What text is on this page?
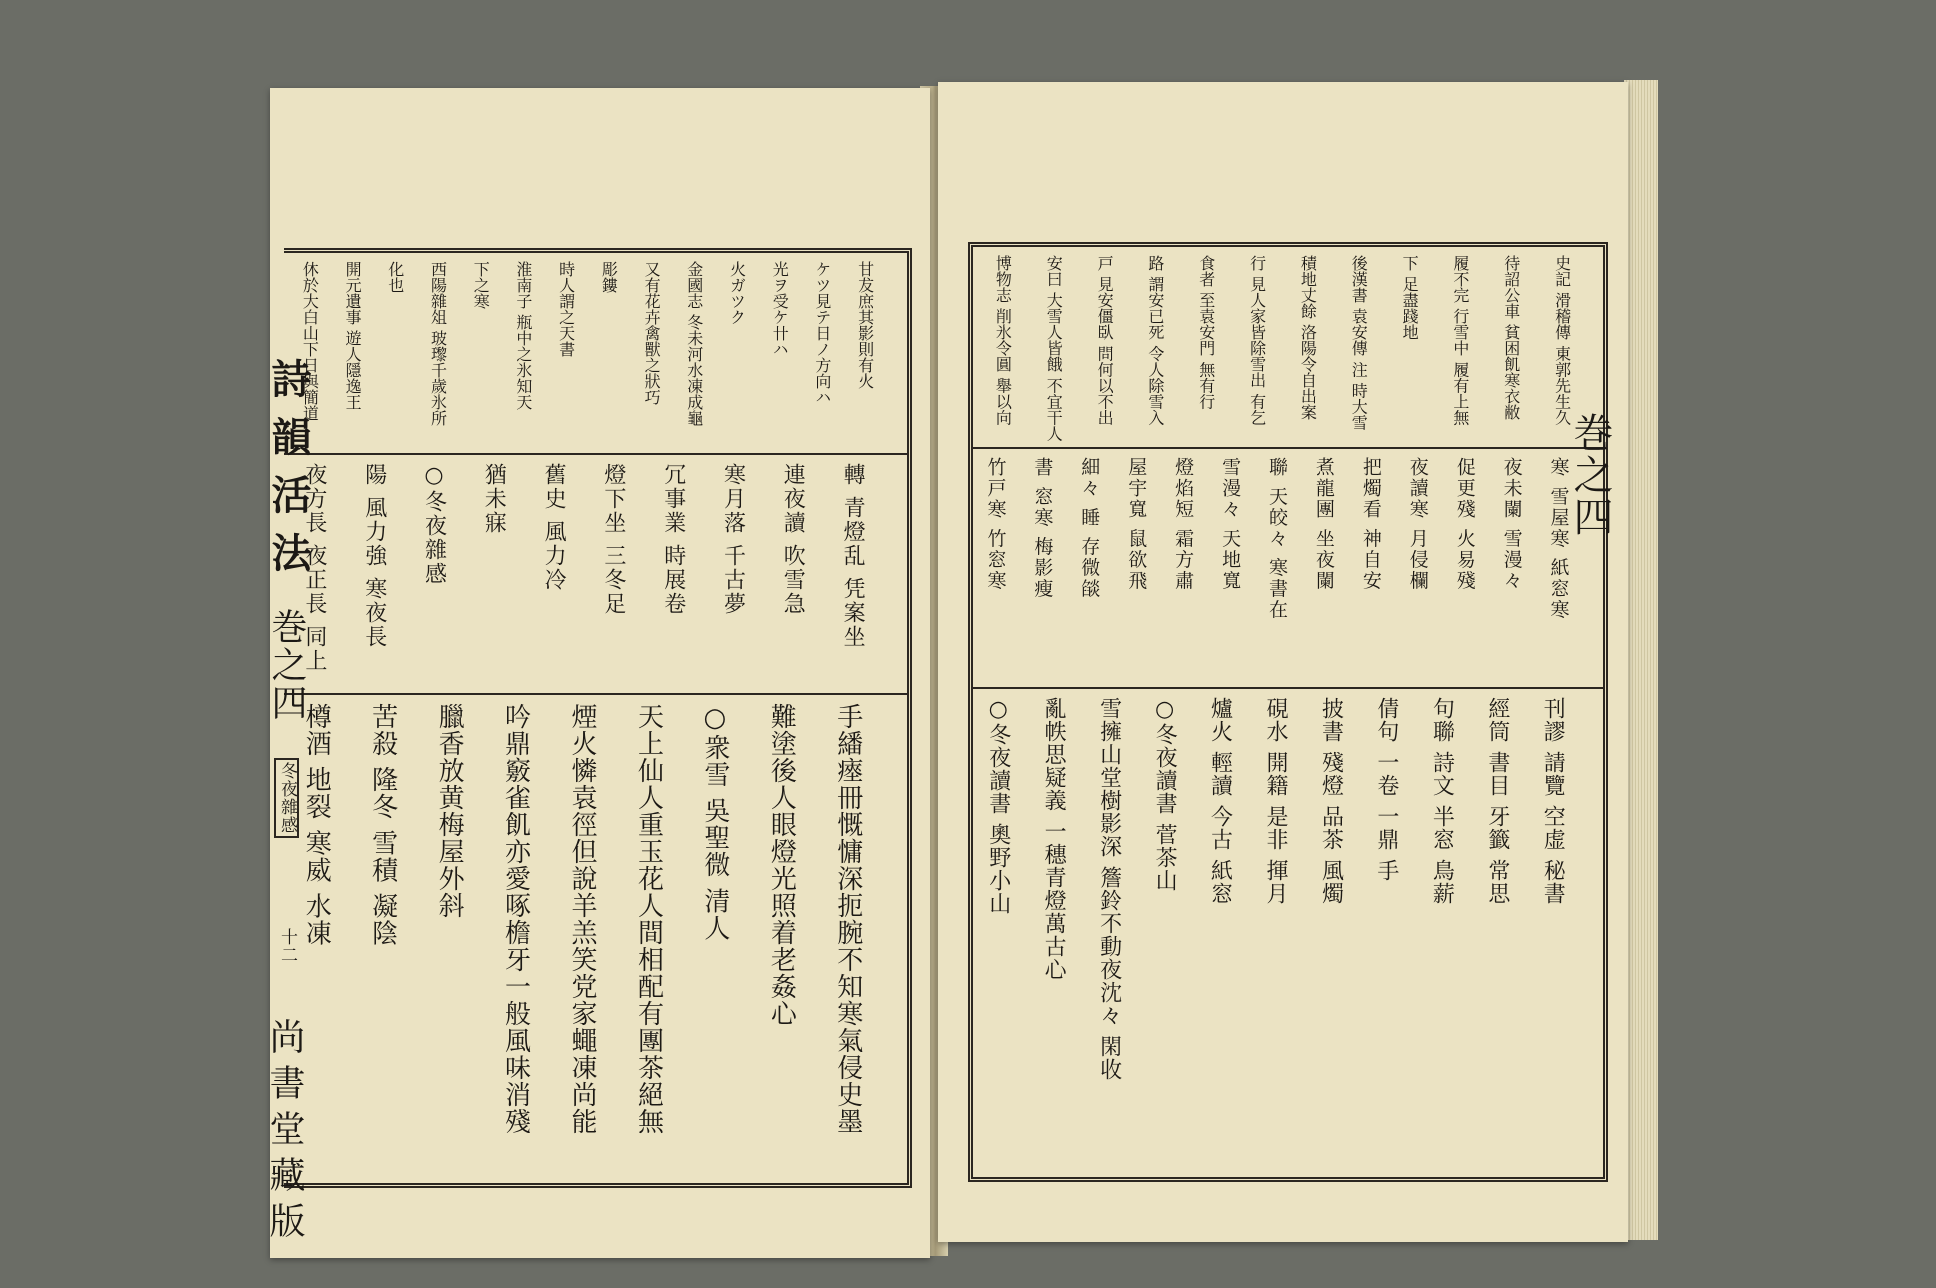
甘犮庶其影則有火
ケツ見テ日ノ方向ハ
光ヲ受ケ卄ハ
火ガツク
金國志 冬未河水凍成龜
又有花卉禽獸之狀巧
彫鏤
時人謂之天書
淮南子 瓶中之氷知天
下之寒
西陽雜俎 玻瓈千歲氷所
化也
開元遺事 遊人隱逸王
休於大白山下日與簡道
轉 青燈乱 凭案坐
連夜讀 吹雪急
寒月落 千古夢
冗事業 時展卷
燈下坐 三冬足
舊史 風力冷
猶未寐
○冬夜雜感
陽 風力強 寒夜長
夜方長 夜正長 同上
手繙瘞冊慨慵深扼腕不知寒氣侵史墨
難塗後人眼燈光照着老姦心
○衆雪 吳聖微 清人
天上仙人重玉花人間相配有團茶絕無
煙火憐袁徑但說羊羔笑党家蠅凍尚能
吟鼎竅雀飢亦愛啄檐牙一般風味消殘
臘香放黄梅屋外斜
苦殺 隆冬 雪積 凝陰
樽酒 地裂 寒威 水凍
詩韻活法
巻之四
冬夜雜感
十二
尚書堂藏版
史記 滑稽傳 東郭先生久
待詔公車 貧困飢寒衣敝
履不完 行雪中 履有上無
下 足盡踐地
後漢書 袁安傳 注 時大雪
積地丈餘 洛陽令自出案
行 見人家皆除雪出 有乞
食者 至袁安門 無有行
路 謂安已死 令人除雪入
戸 見安僵臥 問何以不出
安曰 大雪人皆餓 不宜干人
博物志 削氷令圓 舉以向
寒 雪屋寒 紙窓寒
夜未闌 雪漫々
促更殘 火易殘
夜讀寒 月侵欄
把燭看 神自安
煮龍團 坐夜闌
聯 天皎々 寒書在
雪漫々 天地寬
燈焰短 霜方肅
屋宇寬 鼠欲飛
細々 睡 存微燄
書 窓寒 梅影瘦
竹戸寒 竹窓寒
刊謬 請覽 空虚 秘書
經筒 書目 牙籤 常思
句聯 詩文 半窓 鳥薪
倩句 一卷 一鼎 手
披書 殘燈 品茶 風燭
硯水 開籍 是非 揮月
爐火 輕讀 今古 紙窓
○冬夜讀書 菅茶山
雪擁山堂樹影深 簷鈴不動夜沈々 閑收
亂帙思疑義 一穗青燈萬古心
○冬夜讀書 奧野小山
巻之四
